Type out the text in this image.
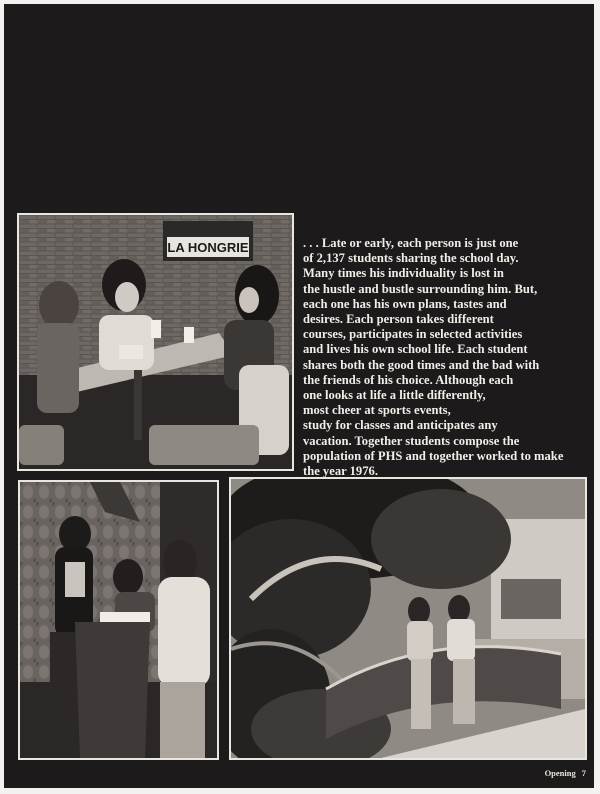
LA HONGRIE	. . . Late or early, each person is just one
of 2,137 students sharing the school day.
Many times his individuality is lost in
the hustle and bustle surrounding him. But,
each one has his own plans, tastes and
desires. Each person takes different
courses, participates in selected activities
and lives his own school life. Each student
shares both the good times and the bad with
the friends of his choice. Although each
one looks at life a little differently,
most cheer at sports events,
study for classes and anticipates any
vacation. Together students compose the
population of PHS and together worked to make
the year 1976.
Opening 7
